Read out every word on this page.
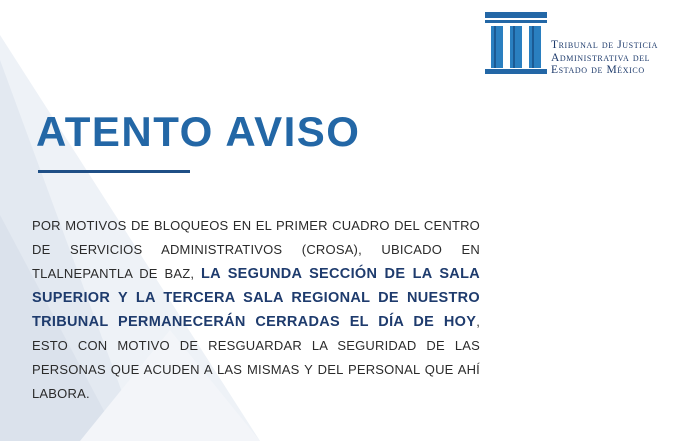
Tribunal de Justicia
Administrativa del
Estado de México
ATENTO AVISO
POR MOTIVOS DE BLOQUEOS EN EL PRIMER CUADRO DEL CENTRO DE SERVICIOS ADMINISTRATIVOS (CROSA), UBICADO EN TLALNEPANTLA DE BAZ, LA SEGUNDA SECCIÓN DE LA SALA SUPERIOR Y LA TERCERA SALA REGIONAL DE NUESTRO TRIBUNAL PERMANECERÁN CERRADAS EL DÍA DE HOY, ESTO CON MOTIVO DE RESGUARDAR LA SEGURIDAD DE LAS PERSONAS QUE ACUDEN A LAS MISMAS Y DEL PERSONAL QUE AHÍ LABORA.
